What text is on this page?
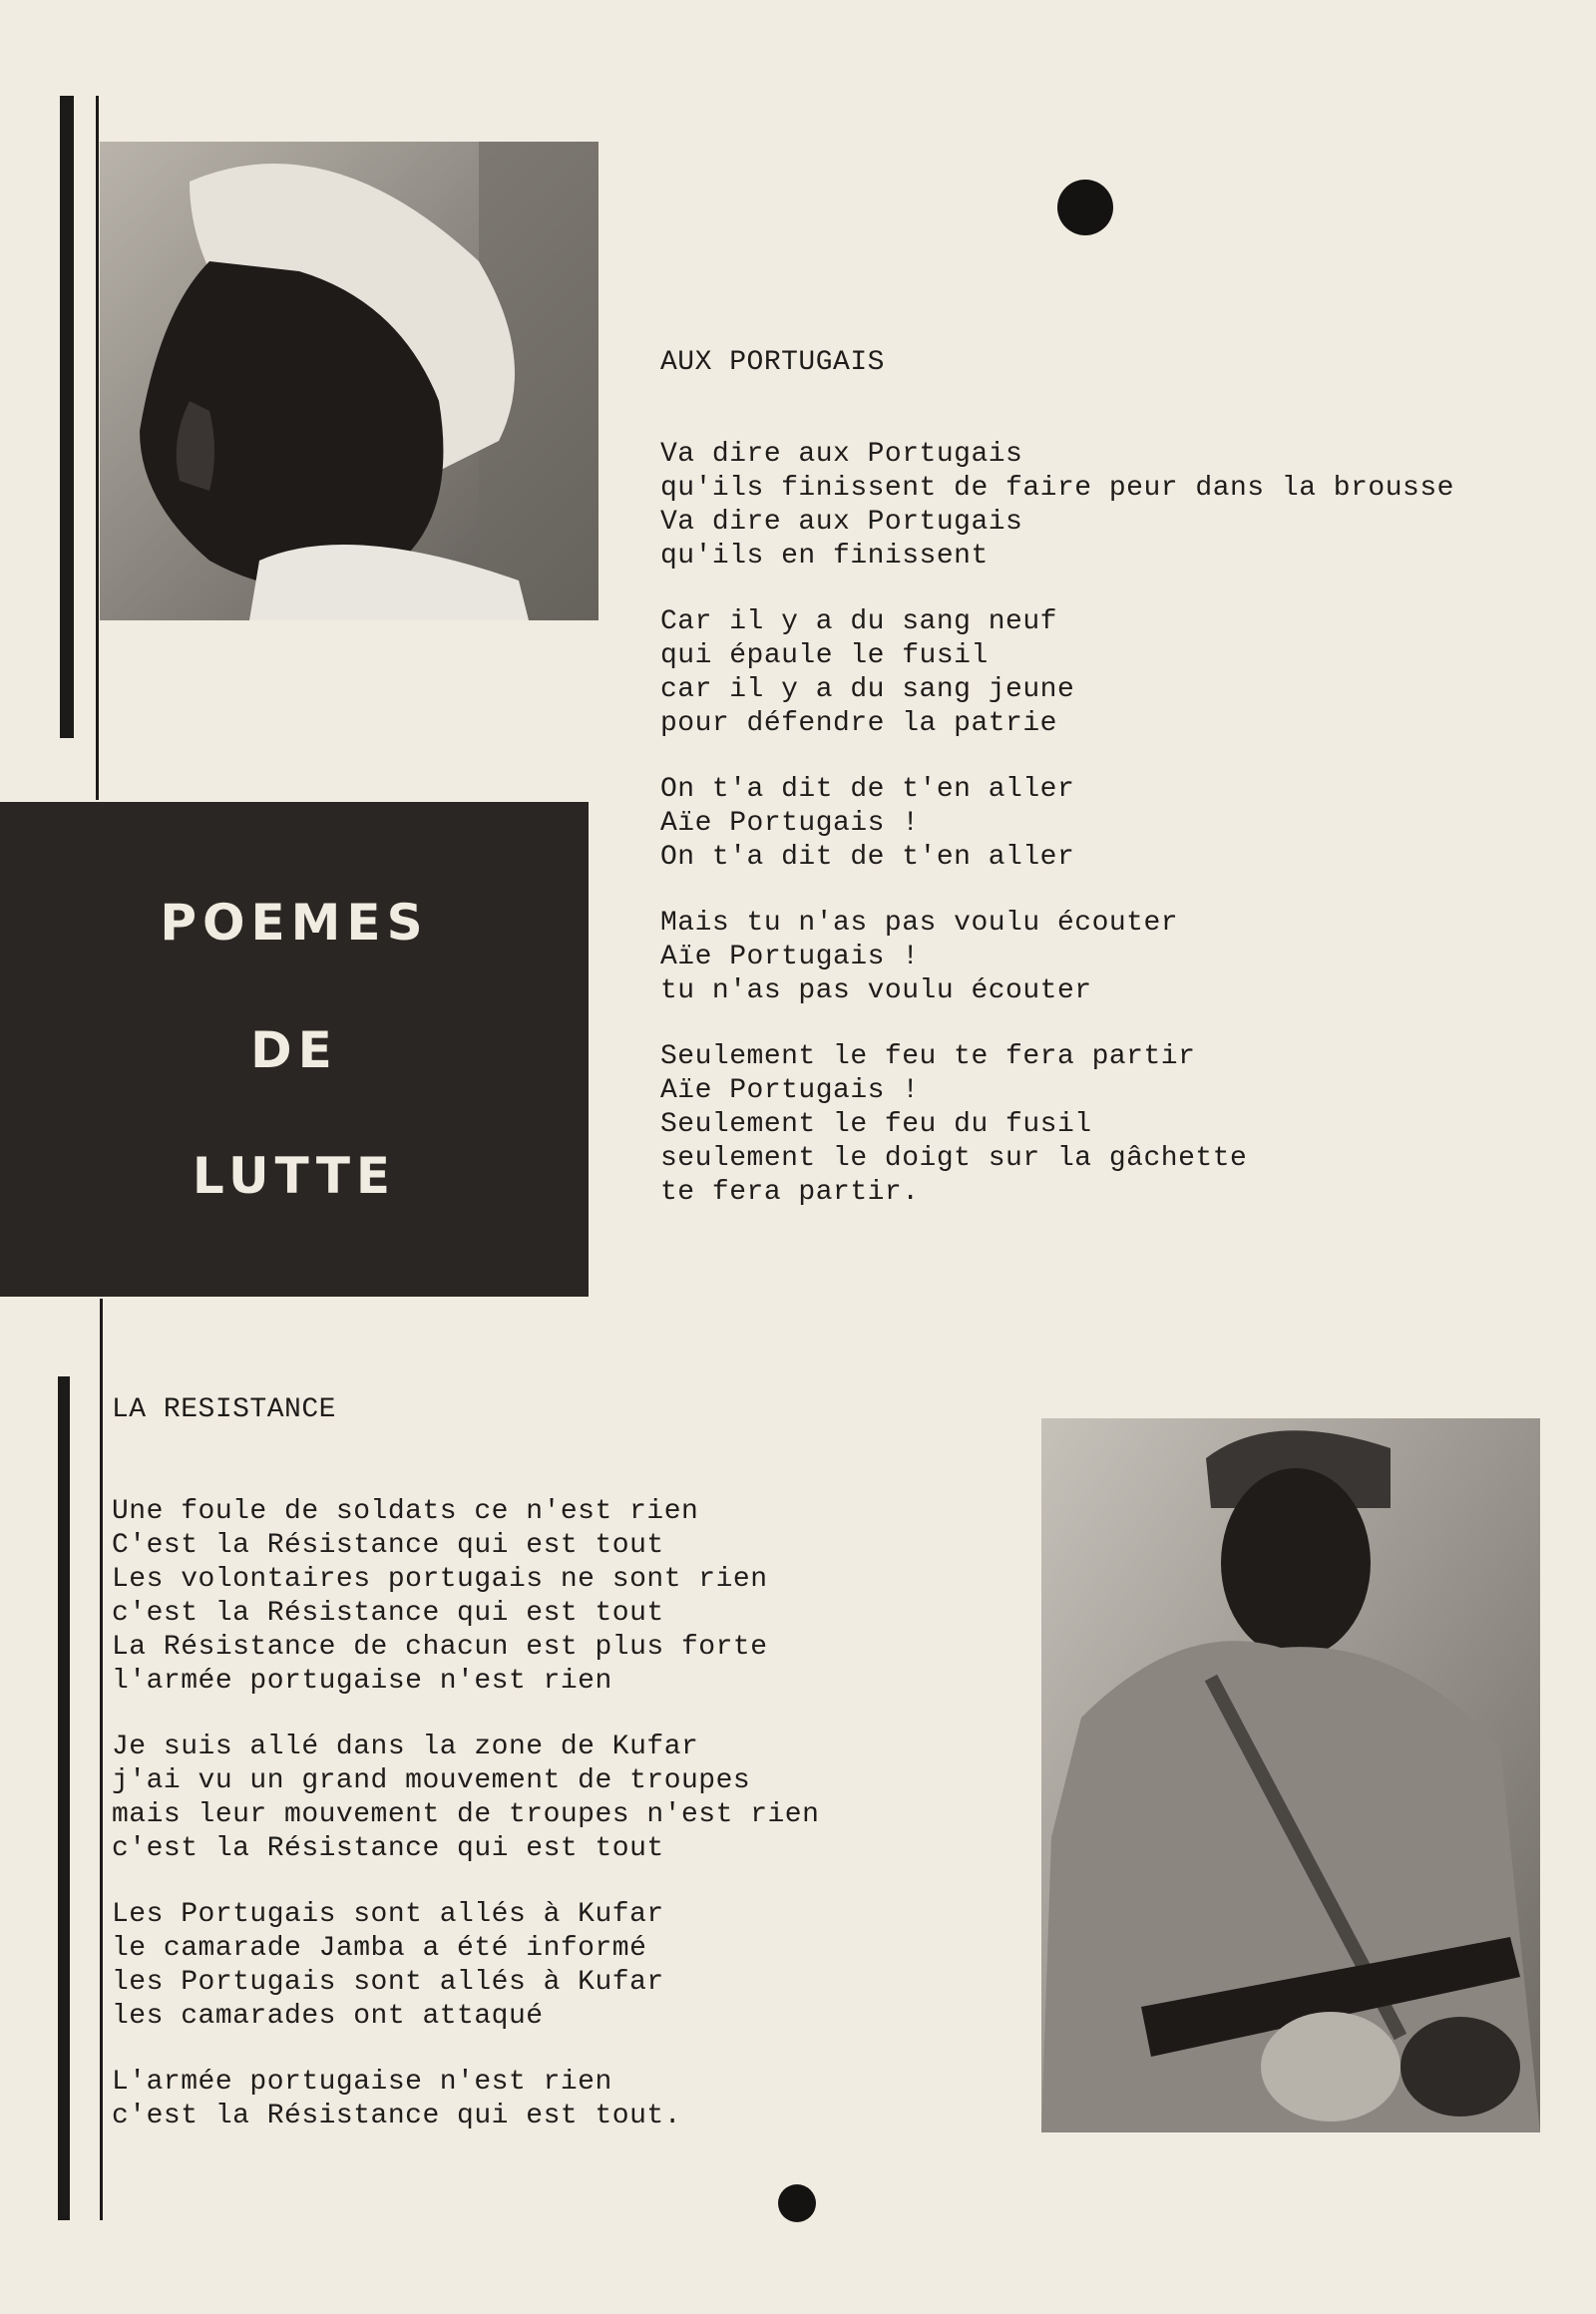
POEMES
DE
LUTTE
AUX PORTUGAIS
Va dire aux Portugais
qu'ils finissent de faire peur dans la brousse
Va dire aux Portugais
qu'ils en finissent
Car il y a du sang neuf
qui épaule le fusil
car il y a du sang jeune
pour défendre la patrie
On t'a dit de t'en aller
Aïe Portugais !
On t'a dit de t'en aller
Mais tu n'as pas voulu écouter
Aïe Portugais !
tu n'as pas voulu écouter
Seulement le feu te fera partir
Aïe Portugais !
Seulement le feu du fusil
seulement le doigt sur la gâchette
te fera partir.
LA RESISTANCE
Une foule de soldats ce n'est rien
C'est la Résistance qui est tout
Les volontaires portugais ne sont rien
c'est la Résistance qui est tout
La Résistance de chacun est plus forte
l'armée portugaise n'est rien
Je suis allé dans la zone de Kufar
j'ai vu un grand mouvement de troupes
mais leur mouvement de troupes n'est rien
c'est la Résistance qui est tout
Les Portugais sont allés à Kufar
le camarade Jamba a été informé
les Portugais sont allés à Kufar
les camarades ont attaqué
L'armée portugaise n'est rien
c'est la Résistance qui est tout.
